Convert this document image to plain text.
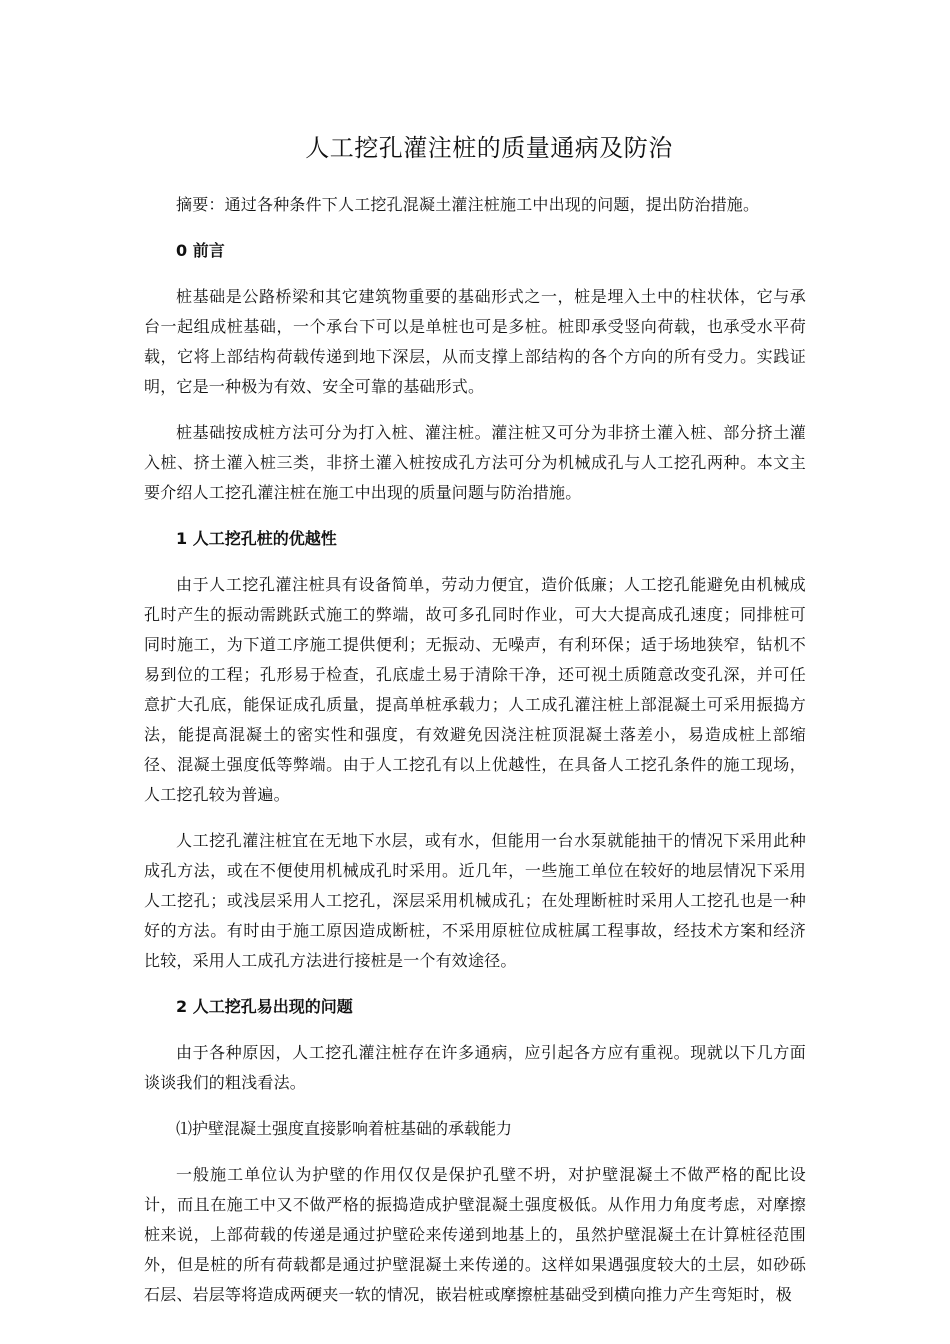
人工挖孔灌注桩的质量通病及防治

摘要：通过各种条件下人工挖孔混凝土灌注桩施工中出现的问题，提出防治措施。

0 前言

桩基础是公路桥梁和其它建筑物重要的基础形式之一，桩是埋入土中的柱状体，它与承台一起组成桩基础，一个承台下可以是单桩也可是多桩。桩即承受竖向荷载，也承受水平荷载，它将上部结构荷载传递到地下深层，从而支撑上部结构的各个方向的所有受力。实践证明，它是一种极为有效、安全可靠的基础形式。

桩基础按成桩方法可分为打入桩、灌注桩。灌注桩又可分为非挤土灌入桩、部分挤土灌入桩、挤土灌入桩三类，非挤土灌入桩按成孔方法可分为机械成孔与人工挖孔两种。本文主要介绍人工挖孔灌注桩在施工中出现的质量问题与防治措施。

1 人工挖孔桩的优越性

由于人工挖孔灌注桩具有设备简单，劳动力便宜，造价低廉；人工挖孔能避免由机械成孔时产生的振动需跳跃式施工的弊端，故可多孔同时作业，可大大提高成孔速度；同排桩可同时施工，为下道工序施工提供便利；无振动、无噪声，有利环保；适于场地狭窄，钻机不易到位的工程；孔形易于检查，孔底虚土易于清除干净，还可视土质随意改变孔深，并可任意扩大孔底，能保证成孔质量，提高单桩承载力；人工成孔灌注桩上部混凝土可采用振捣方法，能提高混凝土的密实性和强度，有效避免因浇注桩顶混凝土落差小，易造成桩上部缩径、混凝土强度低等弊端。由于人工挖孔有以上优越性，在具备人工挖孔条件的施工现场，人工挖孔较为普遍。

人工挖孔灌注桩宜在无地下水层，或有水，但能用一台水泵就能抽干的情况下采用此种成孔方法，或在不便使用机械成孔时采用。近几年，一些施工单位在较好的地层情况下采用人工挖孔；或浅层采用人工挖孔，深层采用机械成孔；在处理断桩时采用人工挖孔也是一种好的方法。有时由于施工原因造成断桩，不采用原桩位成桩属工程事故，经技术方案和经济比较，采用人工成孔方法进行接桩是一个有效途径。

2 人工挖孔易出现的问题

由于各种原因，人工挖孔灌注桩存在许多通病，应引起各方应有重视。现就以下几方面谈谈我们的粗浅看法。

⑴护壁混凝土强度直接影响着桩基础的承载能力

一般施工单位认为护壁的作用仅仅是保护孔壁不坍，对护壁混凝土不做严格的配比设计，而且在施工中又不做严格的振捣造成护壁混凝土强度极低。从作用力角度考虑，对摩擦桩来说，上部荷载的传递是通过护壁砼来传递到地基上的，虽然护壁混凝土在计算桩径范围外，但是桩的所有荷载都是通过护壁混凝土来传递的。这样如果遇强度较大的土层，如砂砾石层、岩层等将造成两硬夹一软的情况，嵌岩桩或摩擦桩基础受到横向推力产生弯矩时，极
